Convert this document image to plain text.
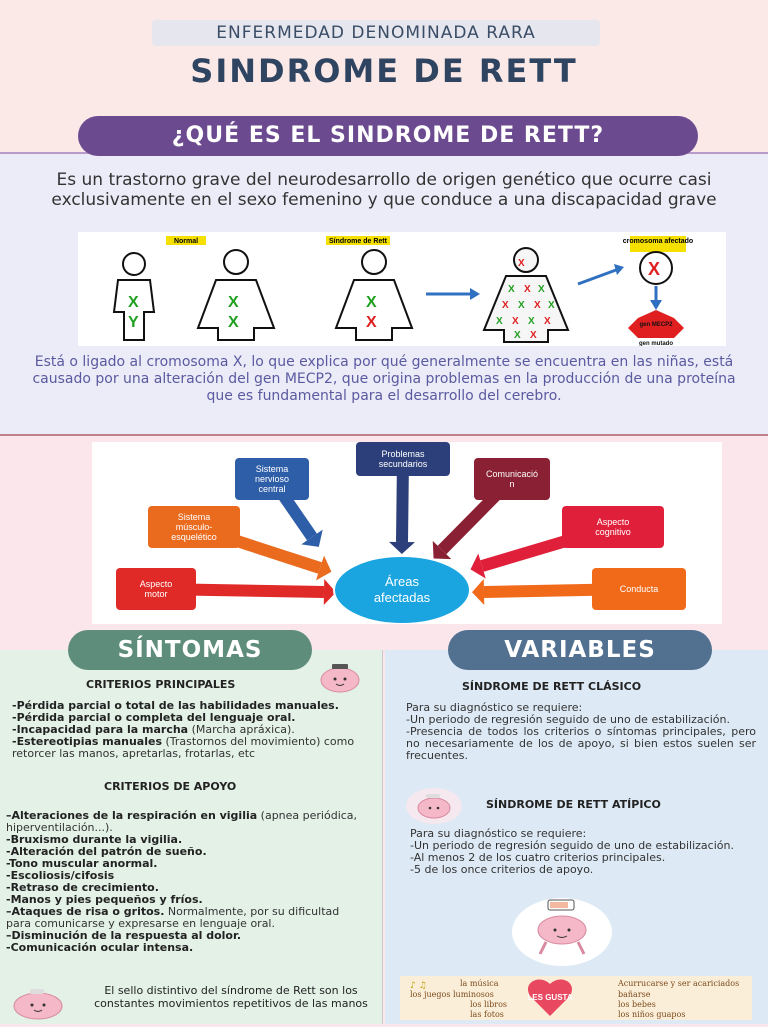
ENFERMEDAD DENOMINADA RARA
SINDROME DE RETT
¿QUÉ ES EL SINDROME DE RETT?
Es un trastorno grave del neurodesarrollo de origen genético que ocurre casi exclusivamente en el sexo femenino y que conduce a una discapacidad grave
Normal	Síndrome de Rett	cromosoma afectado
X
Y
X
X
X
X
X
X X X
X X X X
X X X X
X X
X
gen MECP2
gen mutado
Está o ligado al cromosoma X, lo que explica por qué generalmente se encuentra en las niñas, está causado por una alteración del gen MECP2, que origina problemas en la producción de una proteína que es fundamental para el desarrollo del cerebro.
Sistema
nervioso
central
Problemas
secundarios
Comunicació
n
Sistema
músculo-
esquelético
Aspecto
cognitivo
Aspecto
motor	Conducta
Áreas
afectadas
SÍNTOMAS
CRITERIOS PRINCIPALES
-Pérdida parcial o total de las habilidades manuales.
-Pérdida parcial o completa del lenguaje oral.
-Incapacidad para la marcha (Marcha apráxica).
-Estereotipias manuales (Trastornos del movimiento) como retorcer las manos, apretarlas, frotarlas, etc
CRITERIOS DE APOYO
–Alteraciones de la respiración en vigilia (apnea periódica, hiperventilación...).
-Bruxismo durante la vigilia.
-Alteración del patrón de sueño.
-Tono muscular anormal.
-Escoliosis/cifosis
-Retraso de crecimiento.
-Manos y pies pequeños y fríos.
–Ataques de risa o gritos. Normalmente, por su dificultad para comunicarse y expresarse en lenguaje oral.
–Disminución de la respuesta al dolor.
-Comunicación ocular intensa.
El sello distintivo del síndrome de Rett son los constantes movimientos repetitivos de las manos
VARIABLES
SÍNDROME DE RETT CLÁSICO
Para su diagnóstico se requiere:
-Un periodo de regresión seguido de uno de estabilización.
-Presencia de todos los criterios o síntomas principales, pero no necesariamente de los de apoyo, si bien estos suelen ser frecuentes.
SÍNDROME DE RETT ATÍPICO
Para su diagnóstico se requiere:
-Un periodo de regresión seguido de uno de estabilización.
-Al menos 2 de los cuatro criterios principales.
-5 de los once criterios de apoyo.
♪ ♫	la música
los juegos luminosos
los libros
las fotos
LES GUSTA
Acurrucarse y ser acariciados
bañarse
los bebes
los niños guapos
